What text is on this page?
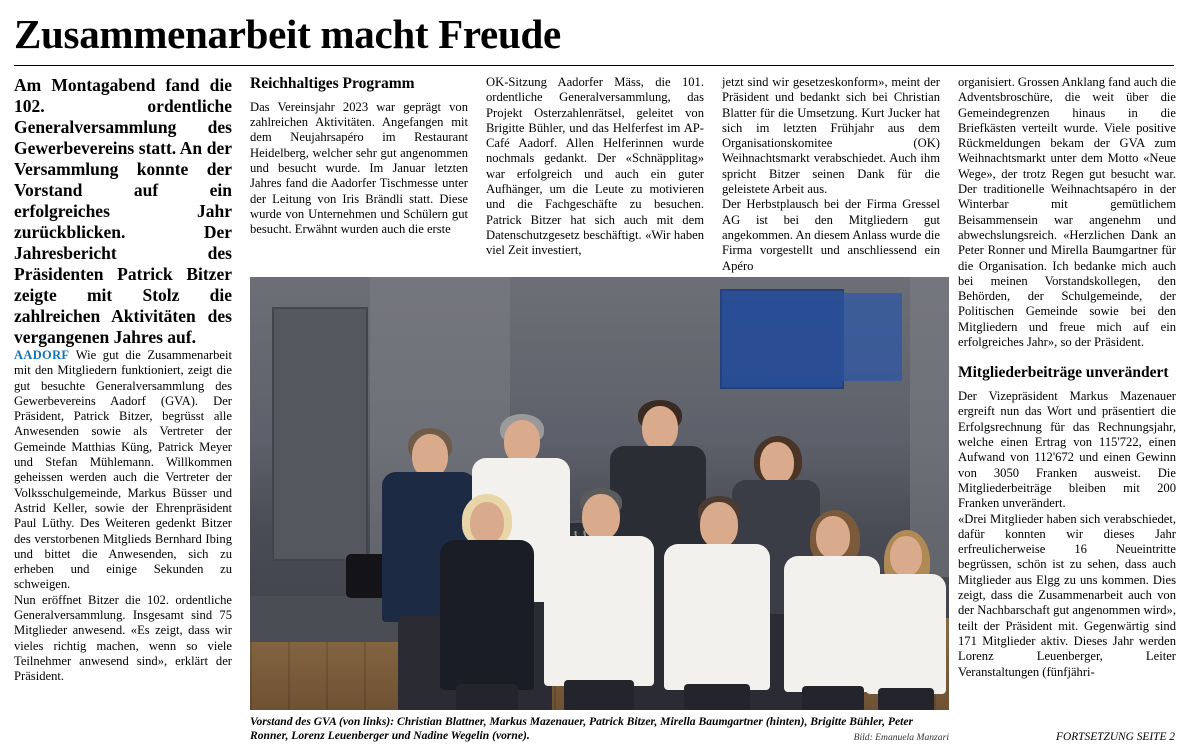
Zusammenarbeit macht Freude
Am Montagabend fand die 102. ordentliche Generalversammlung des Gewerbevereins statt. An der Versammlung konnte der Vorstand auf ein erfolgreiches Jahr zurückblicken. Der Jahresbericht des Präsidenten Patrick Bitzer zeigte mit Stolz die zahlreichen Aktivitäten des vergangenen Jahres auf.

AADORF Wie gut die Zusammenarbeit mit den Mitgliedern funktioniert, zeigt die gut besuchte Generalversammlung des Gewerbevereins Aadorf (GVA). Der Präsident, Patrick Bitzer, begrüsst alle Anwesenden sowie als Vertreter der Gemeinde Matthias Küng, Patrick Meyer und Stefan Mühlemann. Willkommen geheissen werden auch die Vertreter der Volksschulgemeinde, Markus Büsser und Astrid Keller, sowie der Ehrenpräsident Paul Lüthy. Des Weiteren gedenkt Bitzer des verstorbenen Mitglieds Bernhard Ibing und bittet die Anwesenden, sich zu erheben und einige Sekunden zu schweigen.

Nun eröffnet Bitzer die 102. ordentliche Generalversammlung. Insgesamt sind 75 Mitglieder anwesend. «Es zeigt, dass wir vieles richtig machen, wenn so viele Teilnehmer anwesend sind», erklärt der Präsident.

Reichhaltiges Programm

Das Vereinsjahr 2023 war geprägt von zahlreichen Aktivitäten. Angefangen mit dem Neujahrsapéro im Restaurant Heidelberg, welcher sehr gut angenommen und besucht wurde. Im Januar letzten Jahres fand die Aadorfer Tischmesse unter der Leitung von Iris Brändli statt. Diese wurde von Unternehmen und Schülern gut besucht. Erwähnt wurden auch die erste

OK-Sitzung Aadorfer Mäss, die 101. ordentliche Generalversammlung, das Projekt Osterzahlenrätsel, geleitet von Brigitte Bühler, und das Helferfest im AP-Café Aadorf. Allen Helferinnen wurde nochmals gedankt. Der «Schnäpplitag» war erfolgreich und auch ein guter Aufhänger, um die Leute zu motivieren und die Fachgeschäfte zu besuchen. Patrick Bitzer hat sich auch mit dem Datenschutzgesetz beschäftigt. «Wir haben viel Zeit investiert,

jetzt sind wir gesetzeskonform», meint der Präsident und bedankt sich bei Christian Blatter für die Umsetzung. Kurt Jucker hat sich im letzten Frühjahr aus dem Organisationskomitee (OK) Weihnachtsmarkt verabschiedet. Auch ihm spricht Bitzer seinen Dank für die geleistete Arbeit aus.

Der Herbstplausch bei der Firma Gressel AG ist bei den Mitgliedern gut angekommen. An diesem Anlass wurde die Firma vorgestellt und anschliessend ein Apéro

organisiert. Grossen Anklang fand auch die Adventsbroschüre, die weit über die Gemeindegrenzen hinaus in die Briefkästen verteilt wurde. Viele positive Rückmeldungen bekam der GVA zum Weihnachtsmarkt unter dem Motto «Neue Wege», der trotz Regen gut besucht war. Der traditionelle Weihnachtsapéro in der Winterbar mit gemütlichem Beisammensein war angenehm und abwechslungsreich. «Herzlichen Dank an Peter Ronner und Mirella Baumgartner für die Organisation. Ich bedanke mich auch bei meinen Vorstandskollegen, den Behörden, der Schulgemeinde, der Politischen Gemeinde sowie bei den Mitgliedern und freue mich auf ein erfolgreiches Jahr», so der Präsident.

Mitgliederbeiträge unverändert

Der Vizepräsident Markus Mazenauer ergreift nun das Wort und präsentiert die Erfolgsrechnung für das Rechnungsjahr, welche einen Ertrag von 115'722, einen Aufwand von 112'672 und einen Gewinn von 3050 Franken ausweist. Die Mitgliederbeiträge bleiben mit 200 Franken unverändert.

«Drei Mitglieder haben sich verabschiedet, dafür konnten wir dieses Jahr erfreulicherweise 16 Neueintritte begrüssen, schön ist zu sehen, dass auch Mitglieder aus Elgg zu uns kommen. Dies zeigt, dass die Zusammenarbeit auch von der Nachbarschaft gut angenommen wird», teilt der Präsident mit. Gegenwärtig sind 171 Mitglieder aktiv. Dieses Jahr werden Lorenz Leuenberger, Leiter Veranstaltungen (fünfjähri-

Vorstand des GVA (von links): Christian Blattner, Markus Mazenauer, Patrick Bitzer, Mirella Baumgartner (hinten), Brigitte Bühler, Peter Ronner, Lorenz Leuenberger und Nadine Wegelin (vorne).	Bild: Emanuela Manzari	FORTSETZUNG SEITE 2
